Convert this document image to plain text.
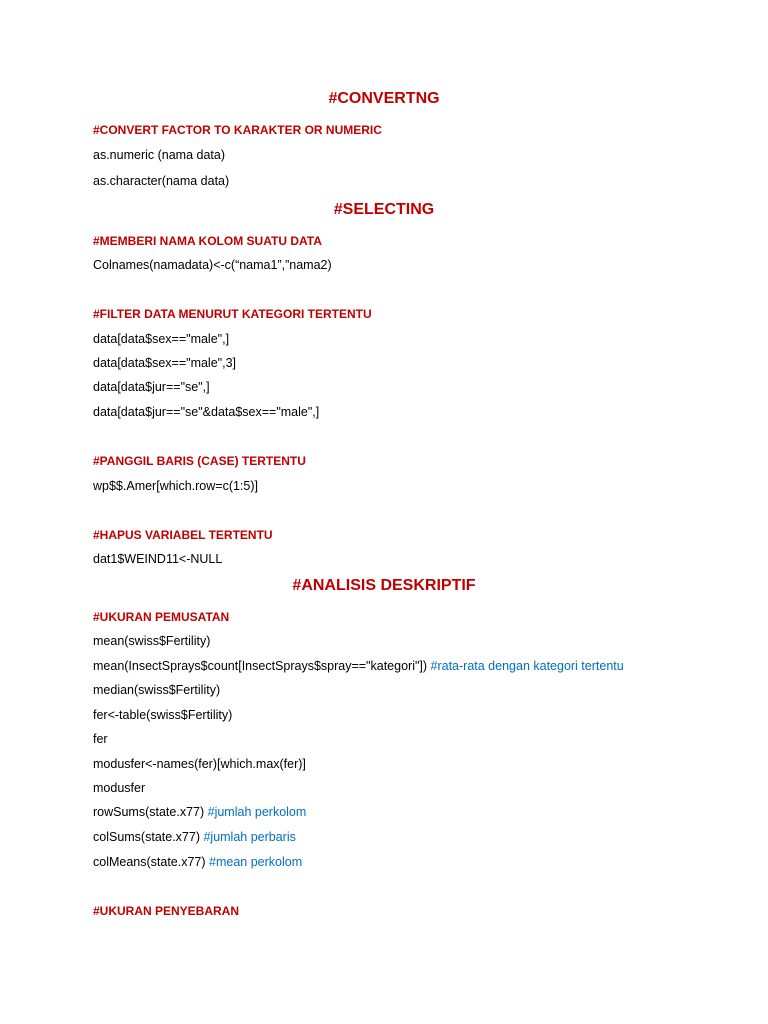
#CONVERTNG
#CONVERT FACTOR TO KARAKTER OR NUMERIC
as.numeric (nama data)
as.character(nama data)
#SELECTING
#MEMBERI NAMA KOLOM SUATU DATA
Colnames(namadata)<-c(“nama1”,”nama2)
#FILTER DATA MENURUT KATEGORI TERTENTU
data[data$sex=="male",]
data[data$sex=="male",3]
data[data$jur=="se",]
data[data$jur=="se"&data$sex=="male",]
#PANGGIL BARIS (CASE) TERTENTU
wp$$.Amer[which.row=c(1:5)]
#HAPUS VARIABEL TERTENTU
dat1$WEIND11<-NULL
#ANALISIS DESKRIPTIF
#UKURAN PEMUSATAN
mean(swiss$Fertility)
mean(InsectSprays$count[InsectSprays$spray=="kategori"]) #rata-rata dengan kategori tertentu
median(swiss$Fertility)
fer<-table(swiss$Fertility)
fer
modusfer<-names(fer)[which.max(fer)]
modusfer
rowSums(state.x77) #jumlah perkolom
colSums(state.x77) #jumlah perbaris
colMeans(state.x77) #mean perkolom
#UKURAN PENYEBARAN
